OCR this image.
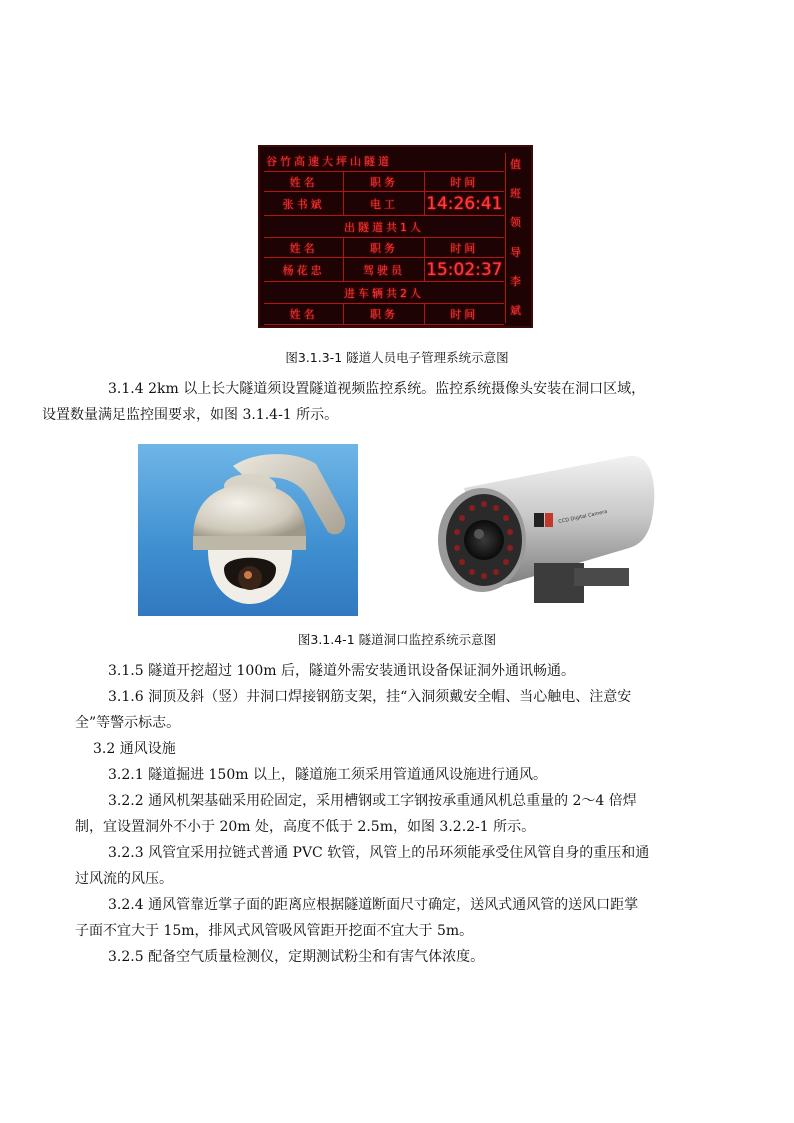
谷竹高速大坪山隧道
姓名	职务	时间
张书斌	电工	14:26:41
出隧道共1人
姓名	职务	时间
杨花忠	驾驶员	15:02:37
进车辆共2人
姓名	职务	时间
值
班
领
导
李
斌
图3.1.3-1 隧道人员电子管理系统示意图
3.1.4 2km 以上长大隧道须设置隧道视频监控系统。监控系统摄像头安装在洞口区域，
设置数量满足监控围要求，如图 3.1.4-1 所示。
CCD Digital Camera
图3.1.4-1 隧道洞口监控系统示意图
3.1.5 隧道开挖超过 100m 后，隧道外需安装通讯设备保证洞外通讯畅通。
3.1.6 洞顶及斜（竖）井洞口焊接钢筋支架，挂“入洞须戴安全帽、当心触电、注意安
全”等警示标志。
3.2 通风设施
3.2.1 隧道掘进 150m 以上，隧道施工须采用管道通风设施进行通风。
3.2.2 通风机架基础采用砼固定，采用槽钢或工字钢按承重通风机总重量的 2～4 倍焊
制，宜设置洞外不小于 20m 处，高度不低于 2.5m，如图 3.2.2-1 所示。
3.2.3 风管宜采用拉链式普通 PVC 软管，风管上的吊环须能承受住风管自身的重压和通
过风流的风压。
3.2.4 通风管靠近掌子面的距离应根据隧道断面尺寸确定，送风式通风管的送风口距掌
子面不宜大于 15m，排风式风管吸风管距开挖面不宜大于 5m。
3.2.5 配备空气质量检测仪，定期测试粉尘和有害气体浓度。
